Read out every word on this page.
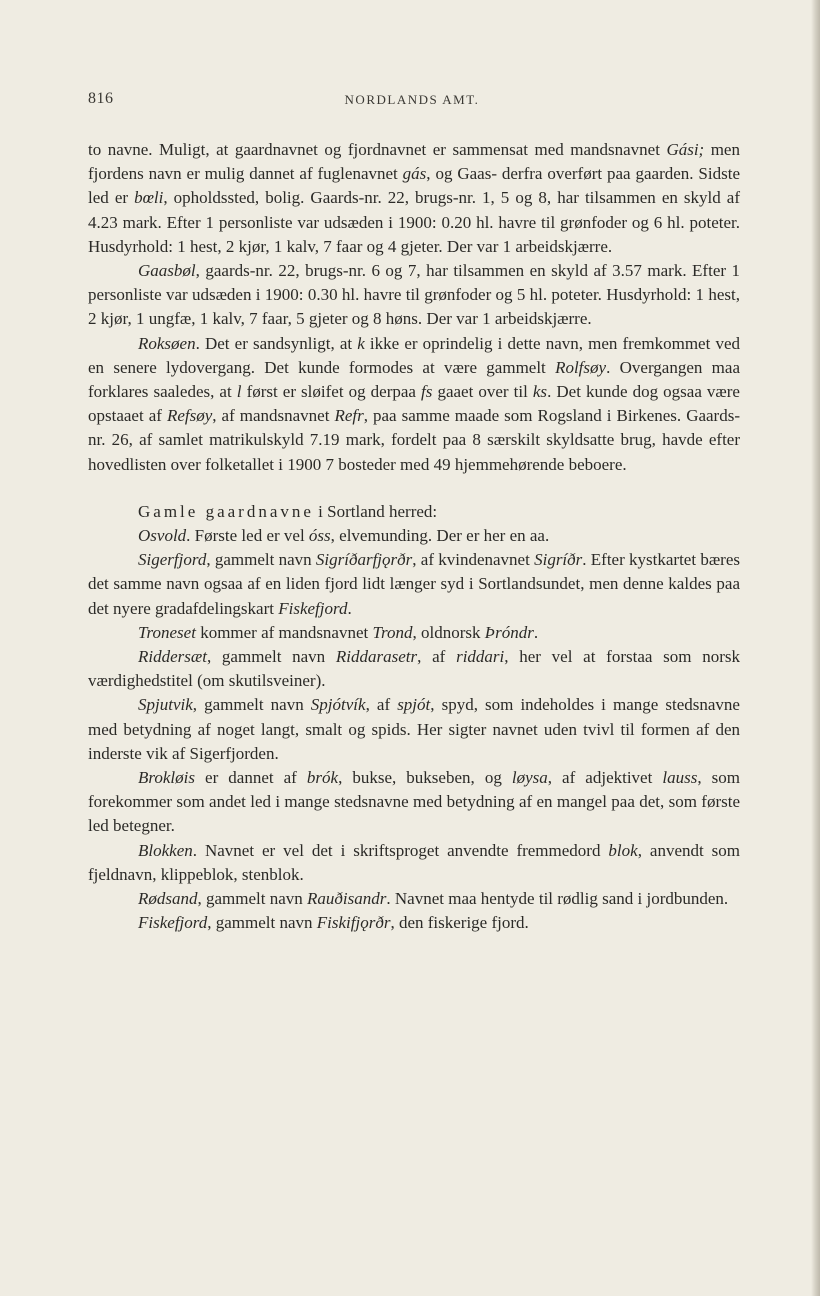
816	NORDLANDS AMT.

to navne. Muligt, at gaardnavnet og fjordnavnet er sammensat med mandsnavnet Gási; men fjordens navn er mulig dannet af fuglenavnet gás, og Gaas- derfra overført paa gaarden. Sidste led er bœli, opholdssted, bolig. Gaards-nr. 22, brugs-nr. 1, 5 og 8, har tilsammen en skyld af 4.23 mark. Efter 1 personliste var udsæden i 1900: 0.20 hl. havre til grønfoder og 6 hl. poteter. Husdyrhold: 1 hest, 2 kjør, 1 kalv, 7 faar og 4 gjeter. Der var 1 arbeidskjærre.

Gaasbøl, gaards-nr. 22, brugs-nr. 6 og 7, har tilsammen en skyld af 3.57 mark. Efter 1 personliste var udsæden i 1900: 0.30 hl. havre til grønfoder og 5 hl. poteter. Husdyrhold: 1 hest, 2 kjør, 1 ungfæ, 1 kalv, 7 faar, 5 gjeter og 8 høns. Der var 1 arbeidskjærre.

Roksøen. Det er sandsynligt, at k ikke er oprindelig i dette navn, men fremkommet ved en senere lydovergang. Det kunde formodes at være gammelt Rolfsøy. Overgangen maa forklares saaledes, at l først er sløifet og derpaa fs gaaet over til ks. Det kunde dog ogsaa være opstaaet af Refsøy, af mandsnavnet Refr, paa samme maade som Rogsland i Birkenes. Gaards-nr. 26, af samlet matrikulskyld 7.19 mark, fordelt paa 8 særskilt skyldsatte brug, havde efter hovedlisten over folketallet i 1900 7 bosteder med 49 hjemmehørende beboere.

Gamle gaardnavne i Sortland herred:

Osvold. Første led er vel óss, elvemunding. Der er her en aa.

Sigerfjord, gammelt navn Sigríðarfjǫrðr, af kvindenavnet Sigríðr. Efter kystkartet bæres det samme navn ogsaa af en liden fjord lidt længer syd i Sortlandsundet, men denne kaldes paa det nyere gradafdelingskart Fiskefjord.

Troneset kommer af mandsnavnet Trond, oldnorsk Þróndr.

Riddersæt, gammelt navn Riddarasetr, af riddari, her vel at forstaa som norsk værdighedstitel (om skutilsveiner).

Spjutvik, gammelt navn Spjótvík, af spjót, spyd, som indeholdes i mange stedsnavne med betydning af noget langt, smalt og spids. Her sigter navnet uden tvivl til formen af den inderste vik af Sigerfjorden.

Brokløis er dannet af brók, bukse, bukseben, og løysa, af adjektivet lauss, som forekommer som andet led i mange stedsnavne med betydning af en mangel paa det, som første led betegner.

Blokken. Navnet er vel det i skriftsproget anvendte fremmedord blok, anvendt som fjeldnavn, klippeblok, stenblok.

Rødsand, gammelt navn Rauðisandr. Navnet maa hentyde til rødlig sand i jordbunden.

Fiskefjord, gammelt navn Fiskifjǫrðr, den fiskerige fjord.
